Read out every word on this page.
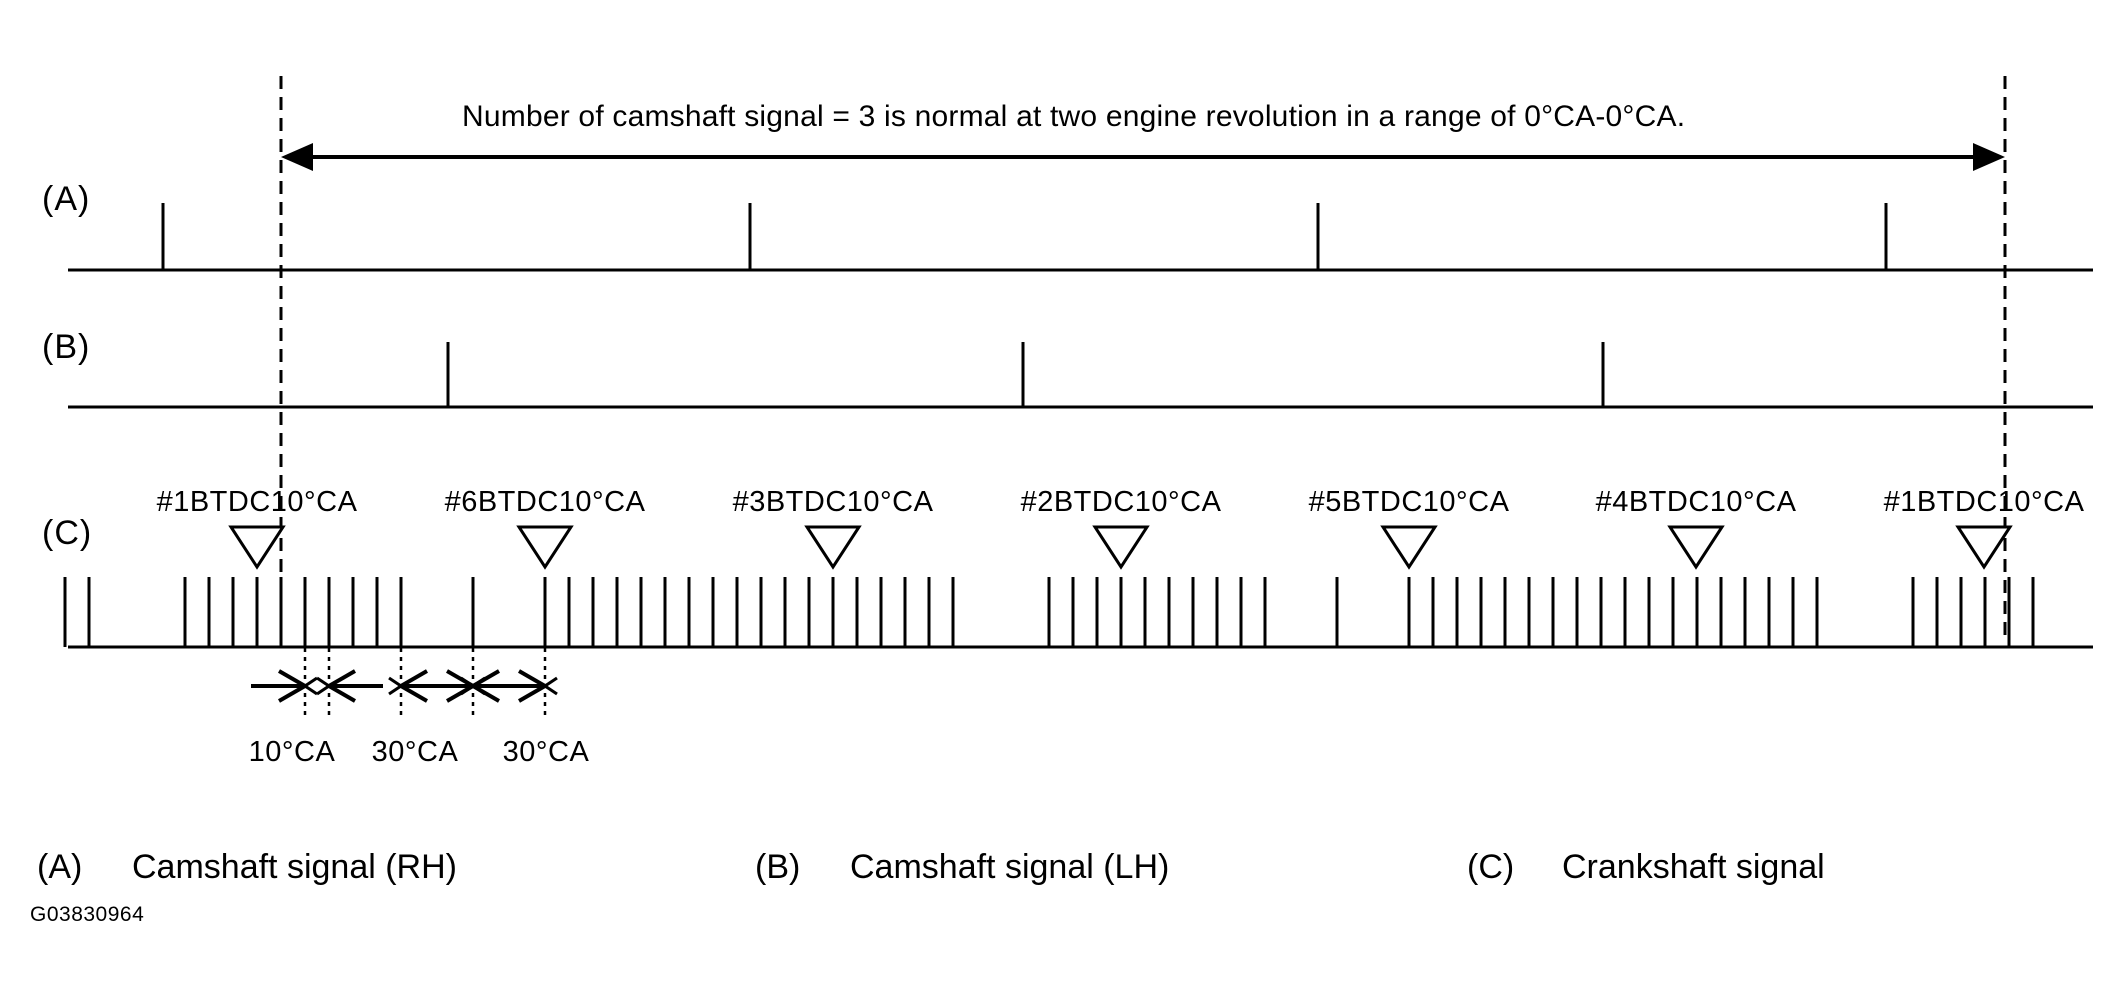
Number of camshaft signal = 3 is normal at two engine revolution in a range of 0°CA-0°CA.
(A)
(B)
(C)
G03830964
#1BTDC10°CA	#6BTDC10°CA	#3BTDC10°CA	#2BTDC10°CA	#5BTDC10°CA	#4BTDC10°CA	#1BTDC10°CA
10°CA 30°CA 30°CA
(A) Camshaft signal (RH)	(B) Camshaft signal (LH)	(C) Crankshaft signal
